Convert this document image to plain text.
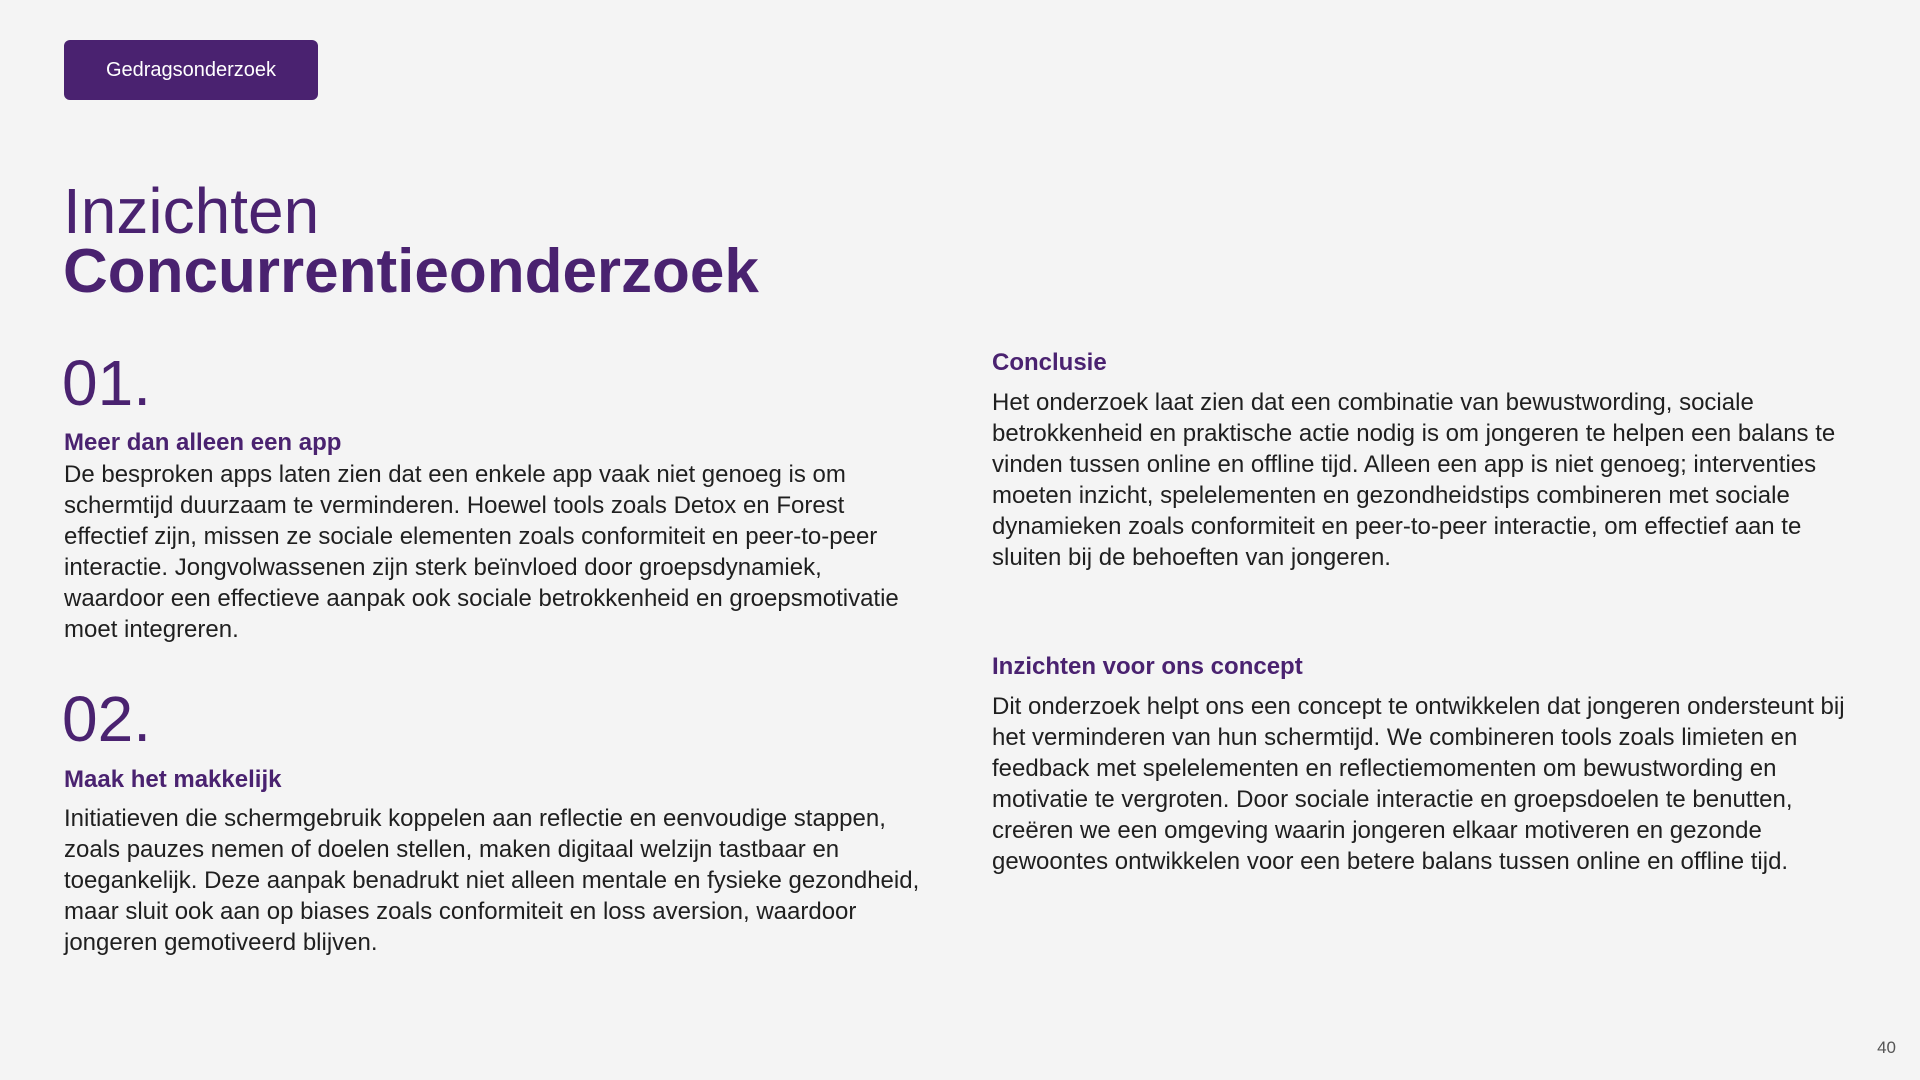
Gedragsonderzoek
Inzichten
Concurrentieonderzoek
01.
Meer dan alleen een app

De besproken apps laten zien dat een enkele app vaak niet genoeg is om schermtijd duurzaam te verminderen. Hoewel tools zoals Detox en Forest effectief zijn, missen ze sociale elementen zoals conformiteit en peer-to-peer interactie. Jongvolwassenen zijn sterk beïnvloed door groepsdynamiek, waardoor een effectieve aanpak ook sociale betrokkenheid en groepsmotivatie moet integreren.

02.
Maak het makkelijk

Initiatieven die schermgebruik koppelen aan reflectie en eenvoudige stappen, zoals pauzes nemen of doelen stellen, maken digitaal welzijn tastbaar en toegankelijk. Deze aanpak benadrukt niet alleen mentale en fysieke gezondheid, maar sluit ook aan op biases zoals conformiteit en loss aversion, waardoor jongeren gemotiveerd blijven.

Conclusie

Het onderzoek laat zien dat een combinatie van bewustwording, sociale betrokkenheid en praktische actie nodig is om jongeren te helpen een balans te vinden tussen online en offline tijd. Alleen een app is niet genoeg; interventies moeten inzicht, spelelementen en gezondheidstips combineren met sociale dynamieken zoals conformiteit en peer-to-peer interactie, om effectief aan te sluiten bij de behoeften van jongeren.

Inzichten voor ons concept

Dit onderzoek helpt ons een concept te ontwikkelen dat jongeren ondersteunt bij het verminderen van hun schermtijd. We combineren tools zoals limieten en feedback met spelelementen en reflectiemomenten om bewustwording en motivatie te vergroten. Door sociale interactie en groepsdoelen te benutten, creëren we een omgeving waarin jongeren elkaar motiveren en gezonde gewoontes ontwikkelen voor een betere balans tussen online en offline tijd.

40
